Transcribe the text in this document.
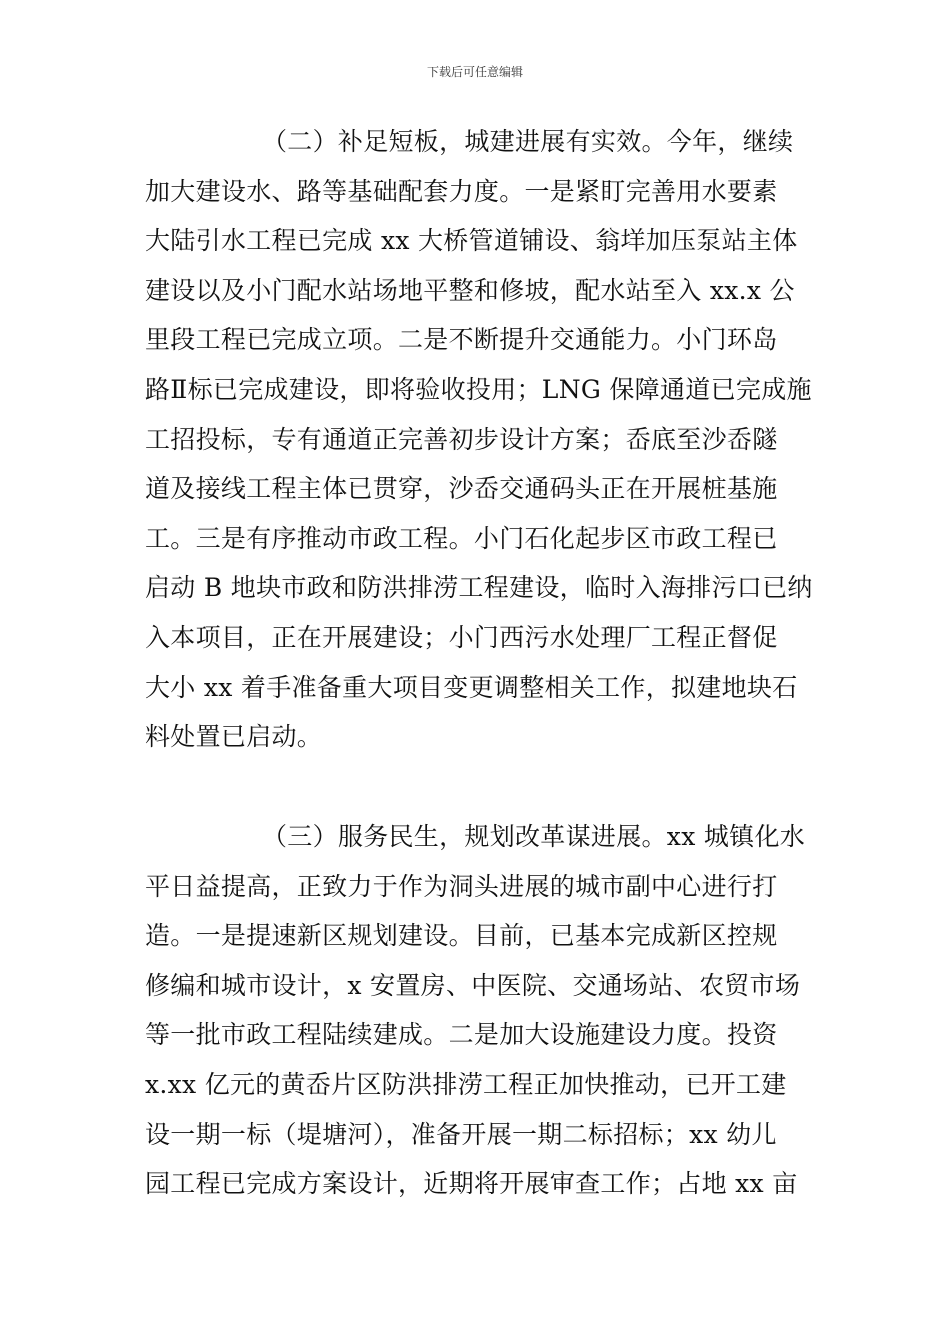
下载后可任意编辑
（二）补足短板，城建进展有实效。今年，继续
加大建设水、路等基础配套力度。一是紧盯完善用水要素
大陆引水工程已完成 xx 大桥管道铺设、翁垟加压泵站主体
建设以及小门配水站场地平整和修坡，配水站至入 xx.x 公
里段工程已完成立项。二是不断提升交通能力。小门环岛
路Ⅱ标已完成建设，即将验收投用；LNG 保障通道已完成施
工招投标，专有通道正完善初步设计方案；岙底至沙岙隧
道及接线工程主体已贯穿，沙岙交通码头正在开展桩基施
工。三是有序推动市政工程。小门石化起步区市政工程已
启动 B 地块市政和防洪排涝工程建设，临时入海排污口已纳
入本项目，正在开展建设；小门西污水处理厂工程正督促
大小 xx 着手准备重大项目变更调整相关工作，拟建地块石
料处置已启动。
（三）服务民生，规划改革谋进展。xx 城镇化水
平日益提高，正致力于作为洞头进展的城市副中心进行打
造。一是提速新区规划建设。目前，已基本完成新区控规
修编和城市设计，x 安置房、中医院、交通场站、农贸市场
等一批市政工程陆续建成。二是加大设施建设力度。投资
x.xx 亿元的黄岙片区防洪排涝工程正加快推动，已开工建
设一期一标（堤塘河），准备开展一期二标招标；xx 幼儿
园工程已完成方案设计，近期将开展审查工作；占地 xx 亩
